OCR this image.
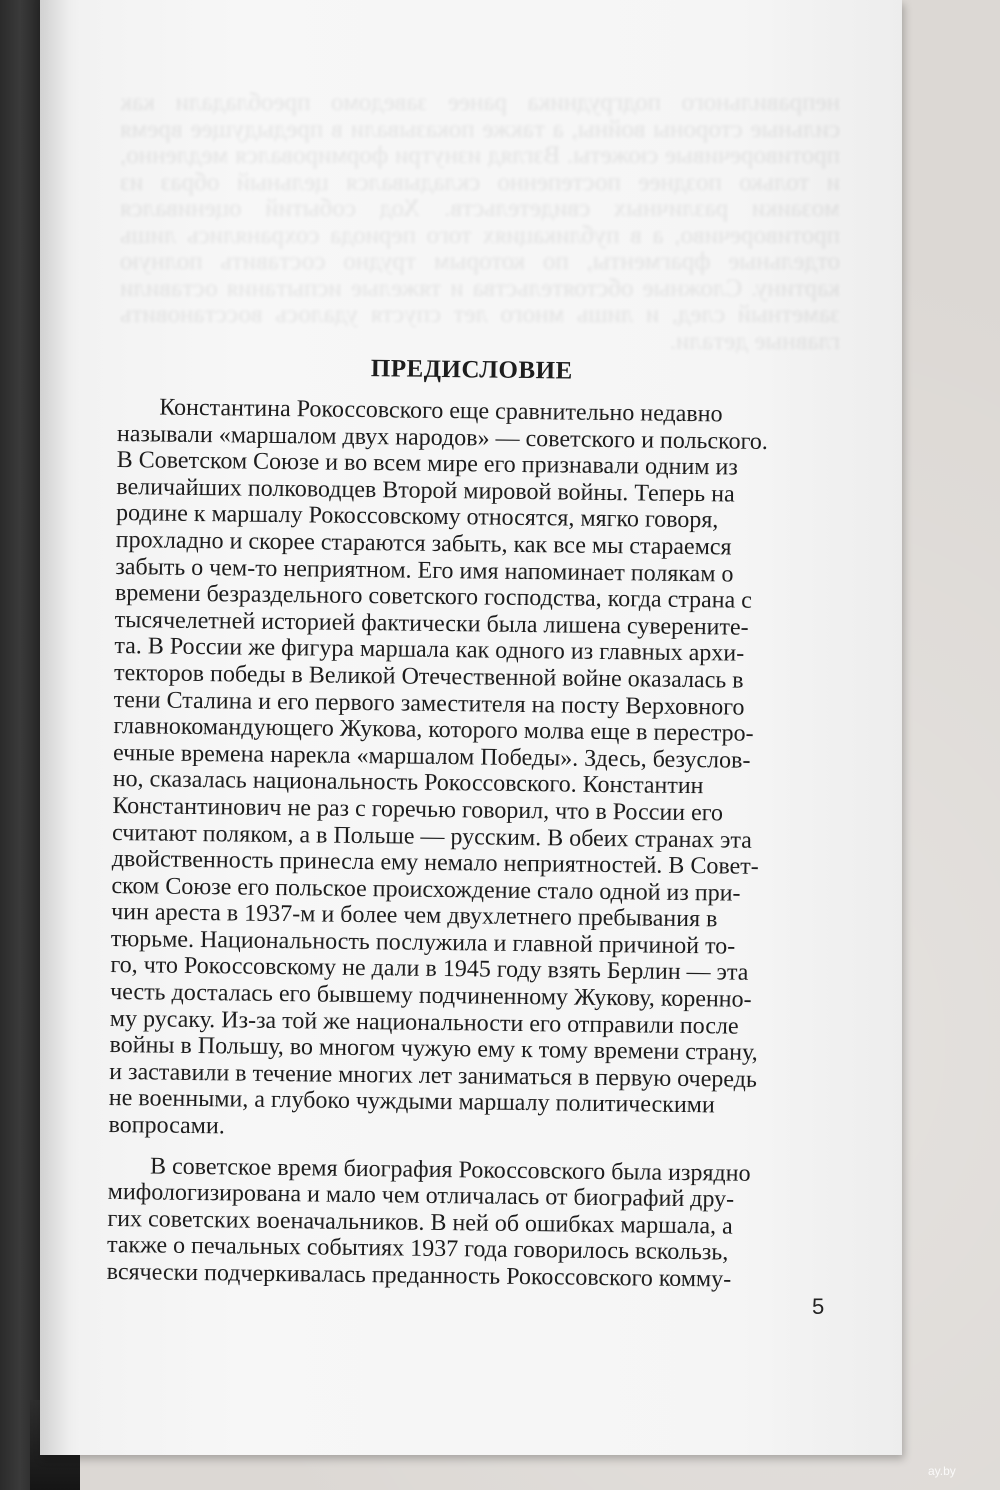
неправильного подгрудника ранее заведомо преобладали как сильные стороны войны, а также показывали в предыдущее время противоречивые сюжеты. Взгляд изнутри формировался медленно, и только позднее постепенно складывался цельный образ из мозаики различных свидетельств. Ход событий оценивался противоречиво, а в публикациях того периода сохранялись лишь отдельные фрагменты, по которым трудно составить полную картину. Сложные обстоятельства и тяжелые испытания оставили заметный след, и лишь много лет спустя удалось восстановить главные детали.
ПРЕДИСЛОВИЕ
Константина Рокоссовского еще сравнительно недавно
называли «маршалом двух народов» — советского и польского.
В Советском Союзе и во всем мире его признавали одним из
величайших полководцев Второй мировой войны. Теперь на
родине к маршалу Рокоссовскому относятся, мягко говоря,
прохладно и скорее стараются забыть, как все мы стараемся
забыть о чем-то неприятном. Его имя напоминает полякам о
времени безраздельного советского господства, когда страна с
тысячелетней историей фактически была лишена суверените-
та. В России же фигура маршала как одного из главных архи-
текторов победы в Великой Отечественной войне оказалась в
тени Сталина и его первого заместителя на посту Верховного
главнокомандующего Жукова, которого молва еще в перестро-
ечные времена нарекла «маршалом Победы». Здесь, безуслов-
но, сказалась национальность Рокоссовского. Константин
Константинович не раз с горечью говорил, что в России его
считают поляком, а в Польше — русским. В обеих странах эта
двойственность принесла ему немало неприятностей. В Совет-
ском Союзе его польское происхождение стало одной из при-
чин ареста в 1937-м и более чем двухлетнего пребывания в
тюрьме. Национальность послужила и главной причиной то-
го, что Рокоссовскому не дали в 1945 году взять Берлин — эта
честь досталась его бывшему подчиненному Жукову, коренно-
му русаку. Из-за той же национальности его отправили после
войны в Польшу, во многом чужую ему к тому времени страну,
и заставили в течение многих лет заниматься в первую очередь
не военными, а глубоко чуждыми маршалу политическими
вопросами.
В советское время биография Рокоссовского была изрядно
мифологизирована и мало чем отличалась от биографий дру-
гих советских военачальников. В ней об ошибках маршала, а
также о печальных событиях 1937 года говорилось вскользь,
всячески подчеркивалась преданность Рокоссовского комму-
5
ay.by
